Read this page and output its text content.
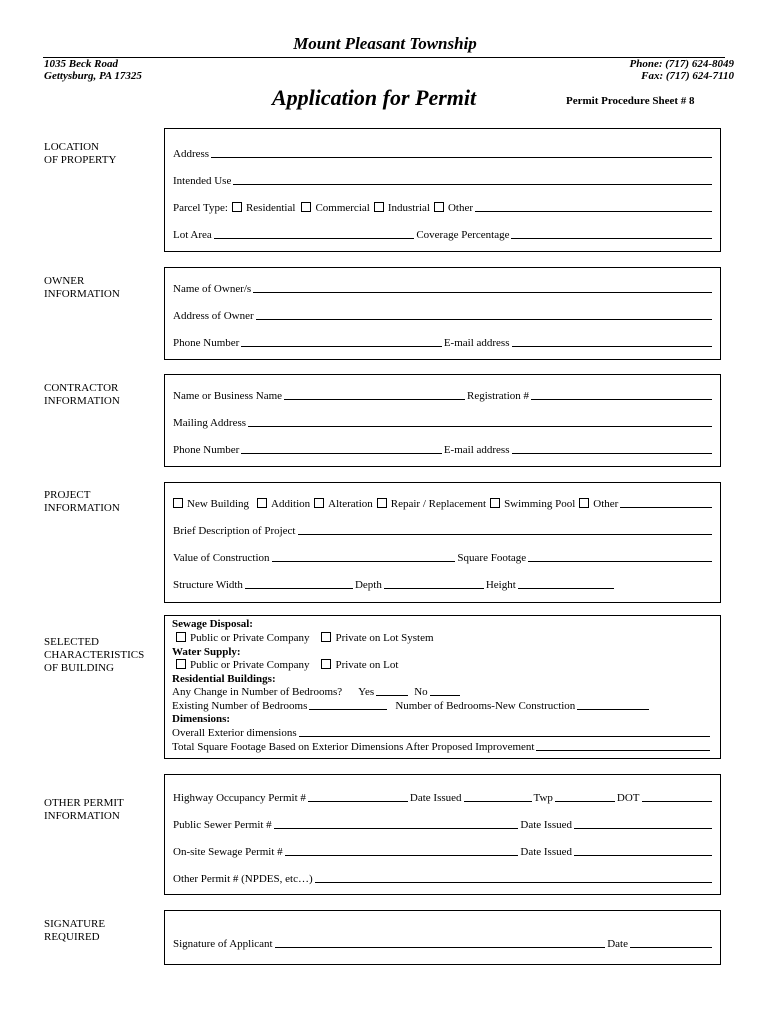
Mount Pleasant Township
1035 Beck Road
Gettysburg, PA 17325
Phone: (717) 624-8049
Fax: (717) 624-7110
Application for Permit	Permit Procedure Sheet # 8
LOCATION
OF PROPERTY	Address
Intended Use
Parcel Type: Residential Commercial Industrial Other
Lot Area	Coverage Percentage
OWNER
INFORMATION	Name of Owner/s
Address of Owner
Phone Number	E-mail address
CONTRACTOR
INFORMATION	Name or Business Name	Registration #
Mailing Address
Phone Number	E-mail address
PROJECT
INFORMATION	New Building Addition Alteration Repair / Replacement Swimming Pool Other
Brief Description of Project
Value of Construction	Square Footage
Structure Width	Depth	Height
SELECTED
CHARACTERISTICS
OF BUILDING
Sewage Disposal:
Public or Private Company Private on Lot System
Water Supply:
Public or Private Company Private on Lot
Residential Buildings:
Any Change in Number of Bedrooms? Yes	No
Existing Number of Bedrooms	Number of Bedrooms-New Construction
Dimensions:
Overall Exterior dimensions
Total Square Footage Based on Exterior Dimensions After Proposed Improvement
OTHER PERMIT
INFORMATION
Highway Occupancy Permit #	Date Issued	Twp	DOT
Public Sewer Permit #	Date Issued
On-site Sewage Permit #	Date Issued
Other Permit # (NPDES, etc…)
SIGNATURE
REQUIRED
Signature of Applicant	Date
